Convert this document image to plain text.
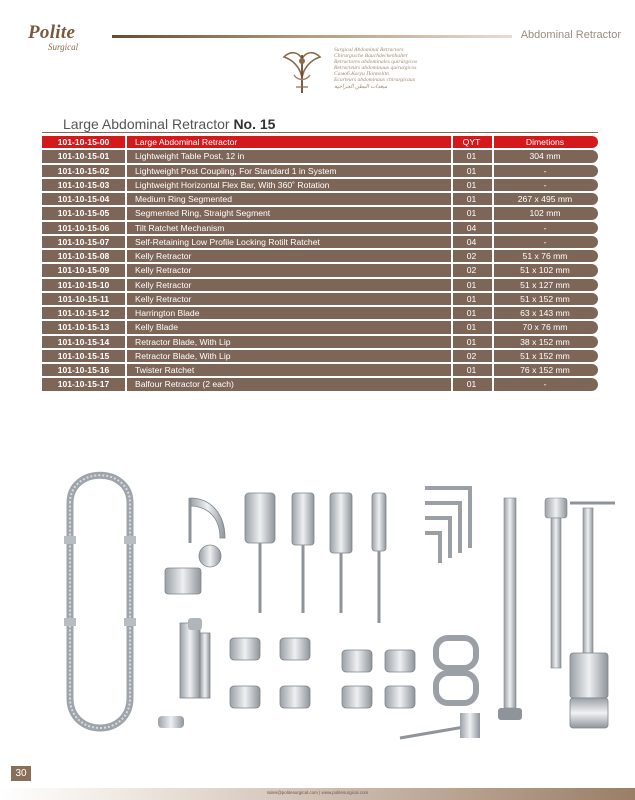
Polite
Surgical
Abdominal Retractor
Surgical Abdominal Retractors
Chirurgische Bauchdeckenhalter
Retractores abdominales quirúrgicos
Retracteurs abdominaux quirurgicos
Самоб.Когуи Поппоlitn
Ecarteurs abdominaux chirurgicaux
مبعدات البطن الجراحية
Large Abdominal Retractor No. 15
101-10-15-00	Large Abdominal Retractor	QYT	Dimetions
101-10-15-01	Lightweight Table Post, 12 in	01	304 mm
101-10-15-02	Lightweight Post Coupling, For Standard 1 in System	01	-
101-10-15-03	Lightweight Horizontal Flex Bar, With 360˚ Rotation	01	-
101-10-15-04	Medium Ring Segmented	01	267 x 495 mm
101-10-15-05	Segmented Ring, Straight Segment	01	102 mm
101-10-15-06	Tilt Ratchet Mechanism	04	-
101-10-15-07	Self-Retaining Low Profile Locking Rotilt Ratchet	04	-
101-10-15-08	Kelly Retractor	02	51 x 76 mm
101-10-15-09	Kelly Retractor	02	51 x 102 mm
101-10-15-10	Kelly Retractor	01	51 x 127 mm
101-10-15-11	Kelly Retractor	01	51 x 152 mm
101-10-15-12	Harrington Blade	01	63 x 143 mm
101-10-15-13	Kelly Blade	01	70 x 76 mm
101-10-15-14	Retractor Blade, With Lip	01	38 x 152 mm
101-10-15-15	Retractor Blade, With Lip	02	51 x 152 mm
101-10-15-16	Twister Ratchet	01	76 x 152 mm
101-10-15-17	Balfour Retractor (2 each)	01	-
30
sales@politesurgical.com | www.politesurgical.com
